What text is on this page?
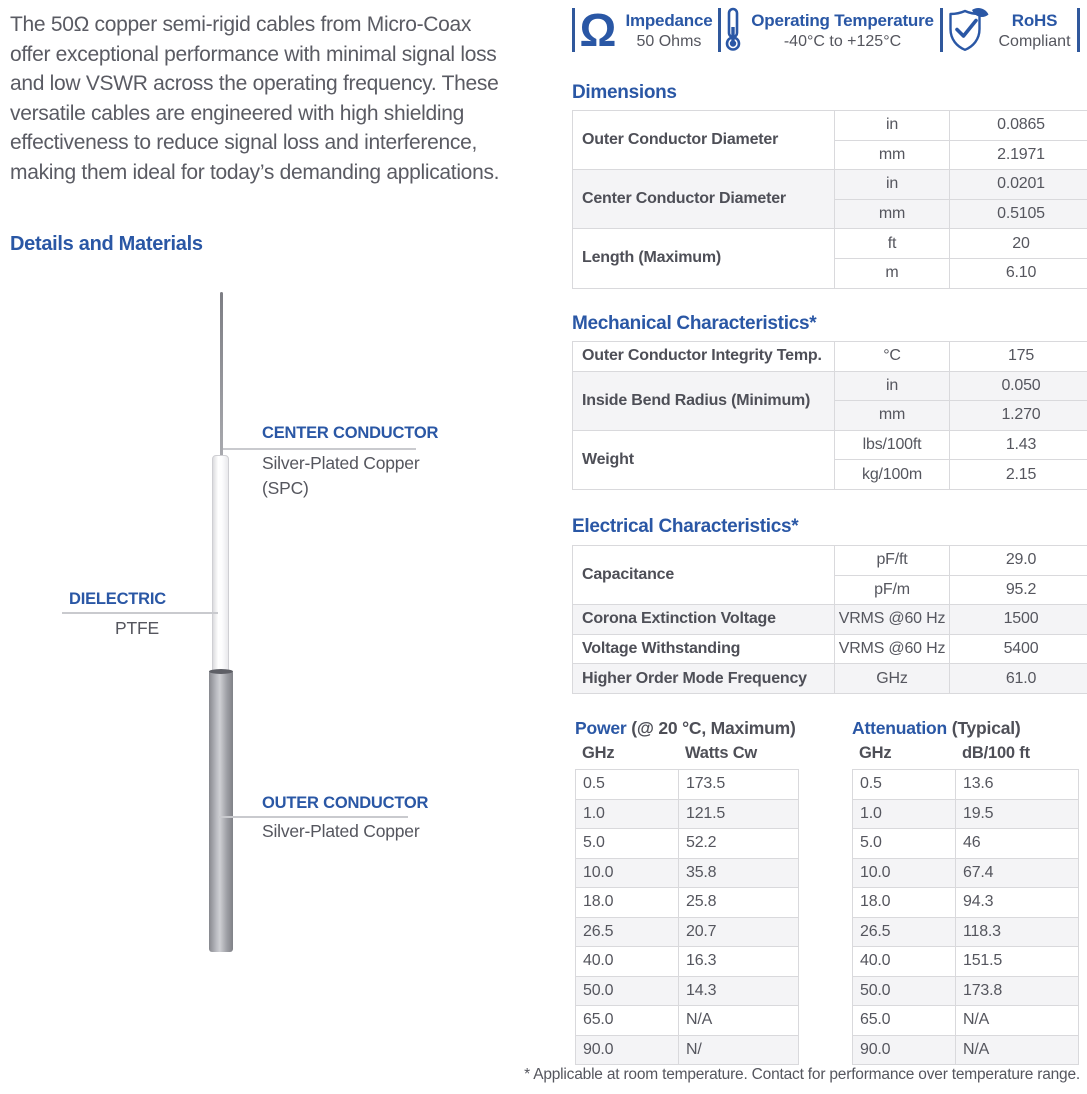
The 50Ω copper semi-rigid cables from Micro-Coax offer exceptional performance with minimal signal loss and low VSWR across the operating frequency. These versatile cables are engineered with high shielding effectiveness to reduce signal loss and interference, making them ideal for today’s demanding applications.
Details and Materials
CENTER CONDUCTOR
Silver-Plated Copper
(SPC)
DIELECTRIC
PTFE
OUTER CONDUCTOR
Silver-Plated Copper
Ω Impedance
50 Ohms
Operating Temperature
-40°C to +125°C
RoHS
Compliant
Dimensions
Outer Conductor Diameter	in	0.0865
	mm	2.1971
Center Conductor Diameter	in	0.0201
	mm	0.5105
Length (Maximum)	ft	20
	m	6.10
Mechanical Characteristics*
Outer Conductor Integrity Temp.	°C	175
Inside Bend Radius (Minimum)	in	0.050
	mm	1.270
Weight	lbs/100ft	1.43
	kg/100m	2.15
Electrical Characteristics*
Capacitance	pF/ft	29.0
	pF/m	95.2
Corona Extinction Voltage	VRMS @60 Hz	1500
Voltage Withstanding	VRMS @60 Hz	5400
Higher Order Mode Frequency	GHz	61.0
Power (@ 20 °C, Maximum)
GHz	Watts Cw
0.5	173.5
1.0	121.5
5.0	52.2
10.0	35.8
18.0	25.8
26.5	20.7
40.0	16.3
50.0	14.3
65.0	N/A
90.0	N/
Attenuation (Typical)
GHz	dB/100 ft
0.5	13.6
1.0	19.5
5.0	46
10.0	67.4
18.0	94.3
26.5	118.3
40.0	151.5
50.0	173.8
65.0	N/A
90.0	N/A
* Applicable at room temperature. Contact for performance over temperature range.
